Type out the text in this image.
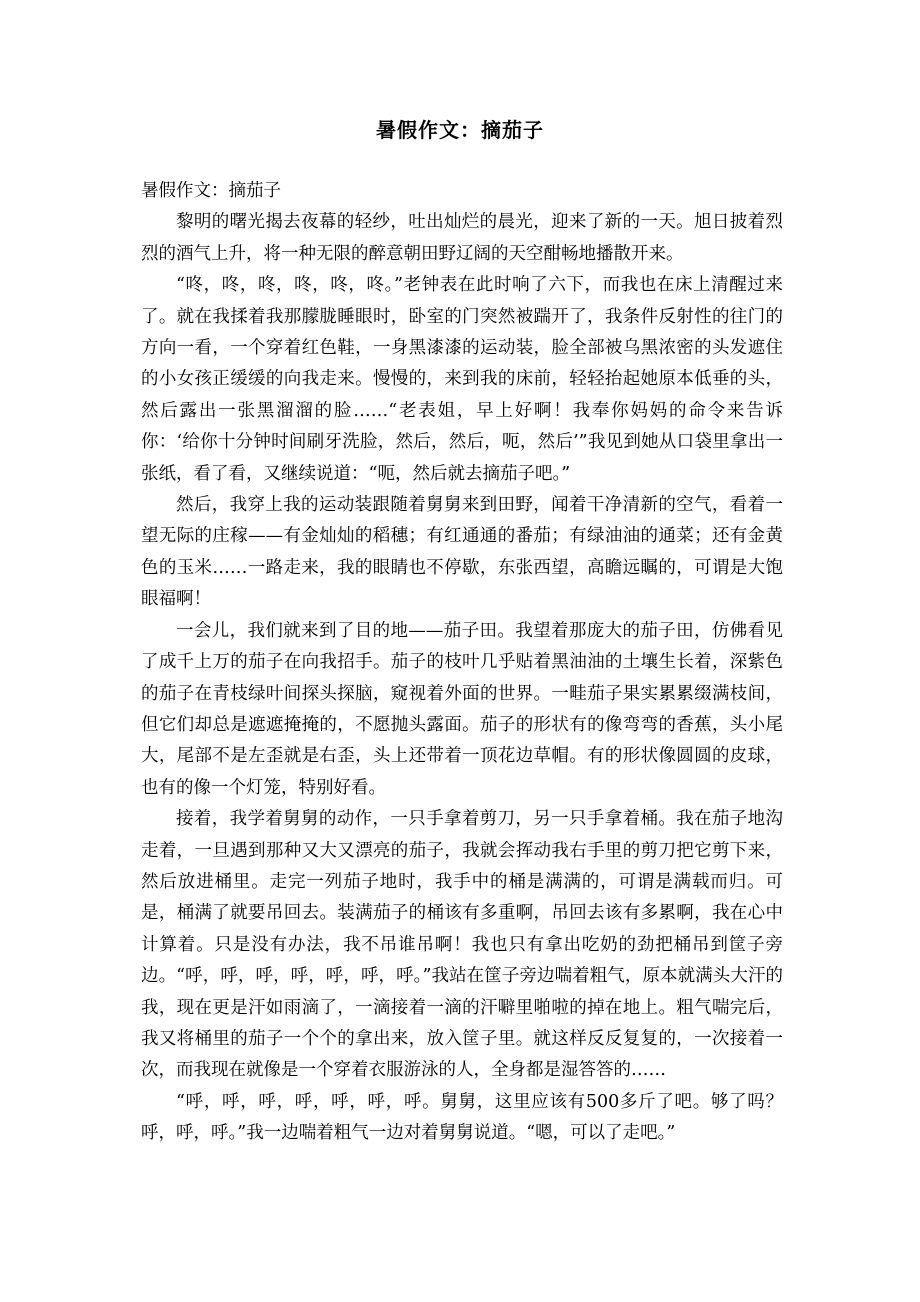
暑假作文：摘茄子

暑假作文：摘茄子

黎明的曙光揭去夜幕的轻纱，吐出灿烂的晨光，迎来了新的一天。旭日披着烈烈的酒气上升，将一种无限的醉意朝田野辽阔的天空酣畅地播散开来。

“咚，咚，咚，咚，咚，咚。”老钟表在此时响了六下，而我也在床上清醒过来了。就在我揉着我那朦胧睡眼时，卧室的门突然被踹开了，我条件反射性的往门的方向一看，一个穿着红色鞋，一身黑漆漆的运动装，脸全部被乌黑浓密的头发遮住的小女孩正缓缓的向我走来。慢慢的，来到我的床前，轻轻抬起她原本低垂的头，然后露出一张黑溜溜的脸……“老表姐，早上好啊！我奉你妈妈的命令来告诉你：‘给你十分钟时间刷牙洗脸，然后，然后，呃，然后’”我见到她从口袋里拿出一张纸，看了看，又继续说道：“呃，然后就去摘茄子吧。”

然后，我穿上我的运动装跟随着舅舅来到田野，闻着干净清新的空气，看着一望无际的庄稼——有金灿灿的稻穗；有红通通的番茄；有绿油油的通菜；还有金黄色的玉米……一路走来，我的眼睛也不停歇，东张西望，高瞻远瞩的，可谓是大饱眼福啊！

一会儿，我们就来到了目的地——茄子田。我望着那庞大的茄子田，仿佛看见了成千上万的茄子在向我招手。茄子的枝叶几乎贴着黑油油的土壤生长着，深紫色的茄子在青枝绿叶间探头探脑，窥视着外面的世界。一畦茄子果实累累缀满枝间，但它们却总是遮遮掩掩的，不愿抛头露面。茄子的形状有的像弯弯的香蕉，头小尾大，尾部不是左歪就是右歪，头上还带着一顶花边草帽。有的形状像圆圆的皮球，也有的像一个灯笼，特别好看。

接着，我学着舅舅的动作，一只手拿着剪刀，另一只手拿着桶。我在茄子地沟走着，一旦遇到那种又大又漂亮的茄子，我就会挥动我右手里的剪刀把它剪下来，然后放进桶里。走完一列茄子地时，我手中的桶是满满的，可谓是满载而归。可是，桶满了就要吊回去。装满茄子的桶该有多重啊，吊回去该有多累啊，我在心中计算着。只是没有办法，我不吊谁吊啊！我也只有拿出吃奶的劲把桶吊到筐子旁边。“呼，呼，呼，呼，呼，呼，呼。”我站在筐子旁边喘着粗气，原本就满头大汗的我，现在更是汗如雨滴了，一滴接着一滴的汗噼里啪啦的掉在地上。粗气喘完后，我又将桶里的茄子一个个的拿出来，放入筐子里。就这样反反复复的，一次接着一次，而我现在就像是一个穿着衣服游泳的人，全身都是湿答答的……

“呼，呼，呼，呼，呼，呼，呼。舅舅，这里应该有500多斤了吧。够了吗？呼，呼，呼。”我一边喘着粗气一边对着舅舅说道。“嗯，可以了走吧。”
